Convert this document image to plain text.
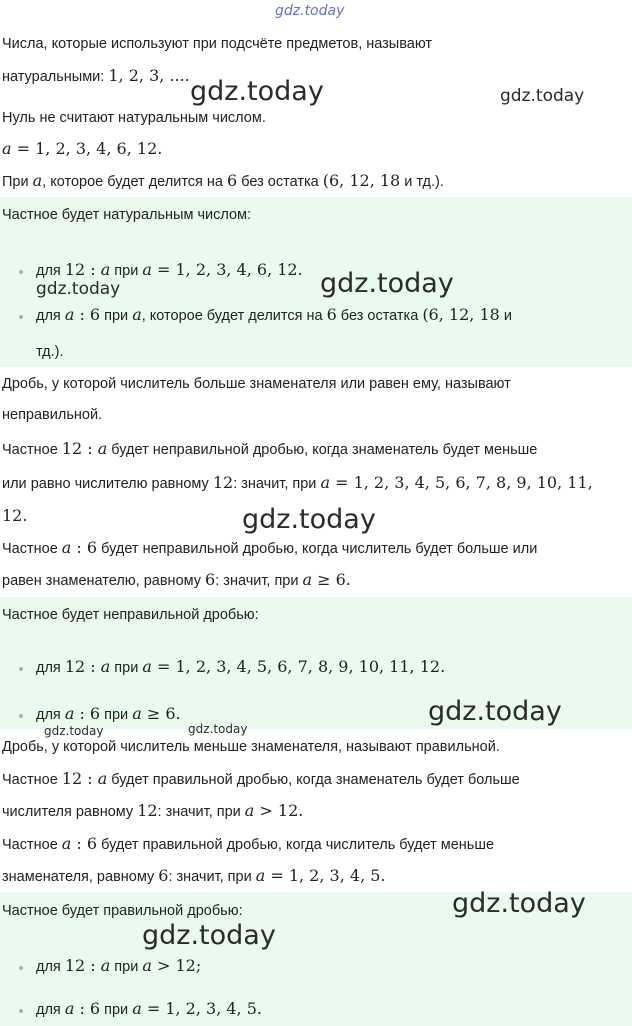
Числа, которые используют при подсчёте предметов, называют
натуральными: 1, 2, 3, ....
Нуль не считают натуральным числом.
a = 1, 2, 3, 4, 6, 12.
При a, которое будет делится на 6 без остатка (6, 12, 18 и тд.).
Частное будет натуральным числом:
для 12 : a при a = 1, 2, 3, 4, 6, 12.
для a : 6 при a, которое будет делится на 6 без остатка (6, 12, 18 и
тд.).
Дробь, у которой числитель больше знаменателя или равен ему, называют
неправильной.
Частное 12 : a будет неправильной дробью, когда знаменатель будет меньше
или равно числителю равному 12: значит, при a = 1, 2, 3, 4, 5, 6, 7, 8, 9, 10, 11,
12.
Частное a : 6 будет неправильной дробью, когда числитель будет больше или
равен знаменателю, равному 6: значит, при a ≥ 6.
Частное будет неправильной дробью:
для 12 : a при a = 1, 2, 3, 4, 5, 6, 7, 8, 9, 10, 11, 12.
для a : 6 при a ≥ 6.
Дробь, у которой числитель меньше знаменателя, называют правильной.
Частное 12 : a будет правильной дробью, когда знаменатель будет больше
числителя равному 12: значит, при a > 12.
Частное a : 6 будет правильной дробью, когда числитель будет меньше
знаменателя, равному 6: значит, при a = 1, 2, 3, 4, 5.
Частное будет правильной дробью:
для 12 : a при a > 12;
для a : 6 при a = 1, 2, 3, 4, 5.
gdz.today
gdz.today	gdz.today
gdz.today
gdz.today
gdz.today
gdz.today
gdz.today	gdz.today
gdz.today
gdz.today
